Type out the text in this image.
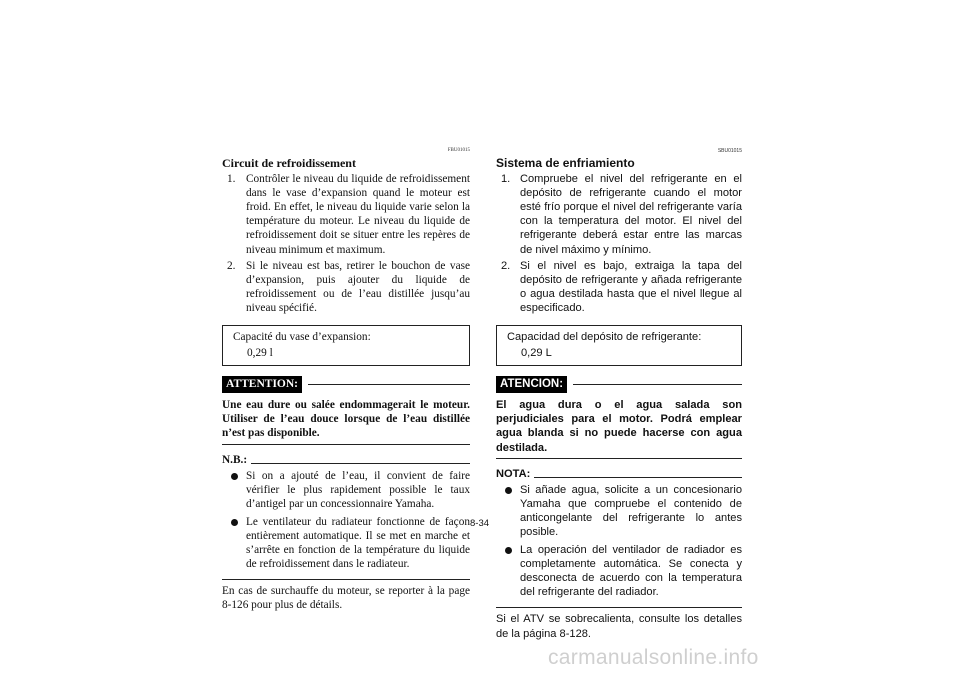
FBU01015
Circuit de refroidissement
1. Contrôler le niveau du liquide de refroidissement dans le vase d’expansion quand le moteur est froid. En effet, le niveau du liquide varie selon la température du moteur. Le niveau du liquide de refroidissement doit se situer entre les repères de niveau minimum et maximum.
2. Si le niveau est bas, retirer le bouchon de vase d’expansion, puis ajouter du liquide de refroidissement ou de l’eau distillée jusqu’au niveau spécifié.
Capacité du vase d’expansion:
0,29 l
ATTENTION:
Une eau dure ou salée endommagerait le moteur. Utiliser de l’eau douce lorsque de l’eau distillée n’est pas disponible.
N.B.:
Si on a ajouté de l’eau, il convient de faire vérifier le plus rapidement possible le taux d’antigel par un concessionnaire Yamaha.
Le ventilateur du radiateur fonctionne de façon entièrement automatique. Il se met en marche et s’arrête en fonction de la température du liquide de refroidissement dans le radiateur.
En cas de surchauffe du moteur, se reporter à la page 8-126 pour plus de détails.
SBU01015
Sistema de enfriamiento
1. Compruebe el nivel del refrigerante en el depósito de refrigerante cuando el motor esté frío porque el nivel del refrigerante varía con la temperatura del motor. El nivel del refrigerante deberá estar entre las marcas de nivel máximo y mínimo.
2. Si el nivel es bajo, extraiga la tapa del depósito de refrigerante y añada refrigerante o agua destilada hasta que el nivel llegue al especificado.
Capacidad del depósito de refrigerante:
0,29 L
ATENCION:
El agua dura o el agua salada son perjudiciales para el motor. Podrá emplear agua blanda si no puede hacerse con agua destilada.
NOTA:
Si añade agua, solicite a un concesionario Yamaha que compruebe el contenido de anticongelante del refrigerante lo antes posible.
La operación del ventilador de radiador es completamente automática. Se conecta y desconecta de acuerdo con la temperatura del refrigerante del radiador.
Si el ATV se sobrecalienta, consulte los detalles de la página 8-128.
8-34
carmanualsonline.info
